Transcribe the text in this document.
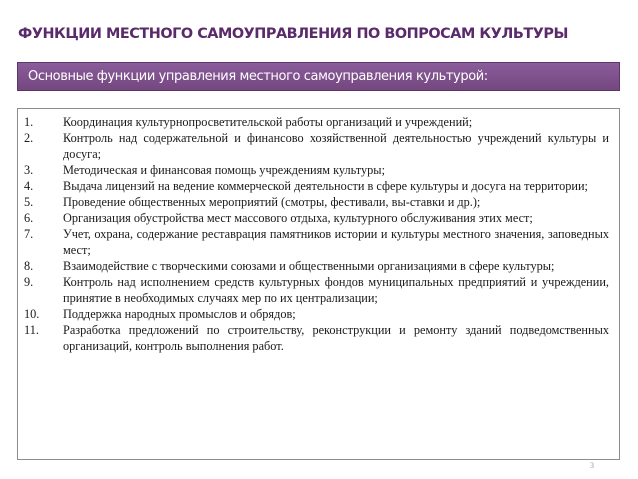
ФУНКЦИИ МЕСТНОГО САМОУПРАВЛЕНИЯ ПО ВОПРОСАМ КУЛЬТУРЫ
Основные функции управления местного самоуправления культурой:
1. Координация культурнопросветительской работы организаций и учреждений;
2. Контроль над содержательной и финансово хозяйственной деятельностью учреждений культуры и досуга;
3. Методическая и финансовая помощь учреждениям культуры;
4. Выдача лицензий на ведение коммерческой деятельности в сфере культуры и досуга на территории;
5. Проведение общественных мероприятий (смотры, фестивали, вы-ставки и др.);
6. Организация обустройства мест массового отдыха, культурного обслуживания этих мест;
7. Учет, охрана, содержание реставрация памятников истории и культуры местного значения, заповедных мест;
8. Взаимодействие с творческими союзами и общественными организациями в сфере культуры;
9. Контроль над исполнением средств культурных фондов муниципальных предприятий и учреждении, принятие в необходимых случаях мер по их централизации;
10. Поддержка народных промыслов и обрядов;
11. Разработка предложений по строительству, реконструкции и ремонту зданий подведомственных организаций, контроль выполнения работ.
3
